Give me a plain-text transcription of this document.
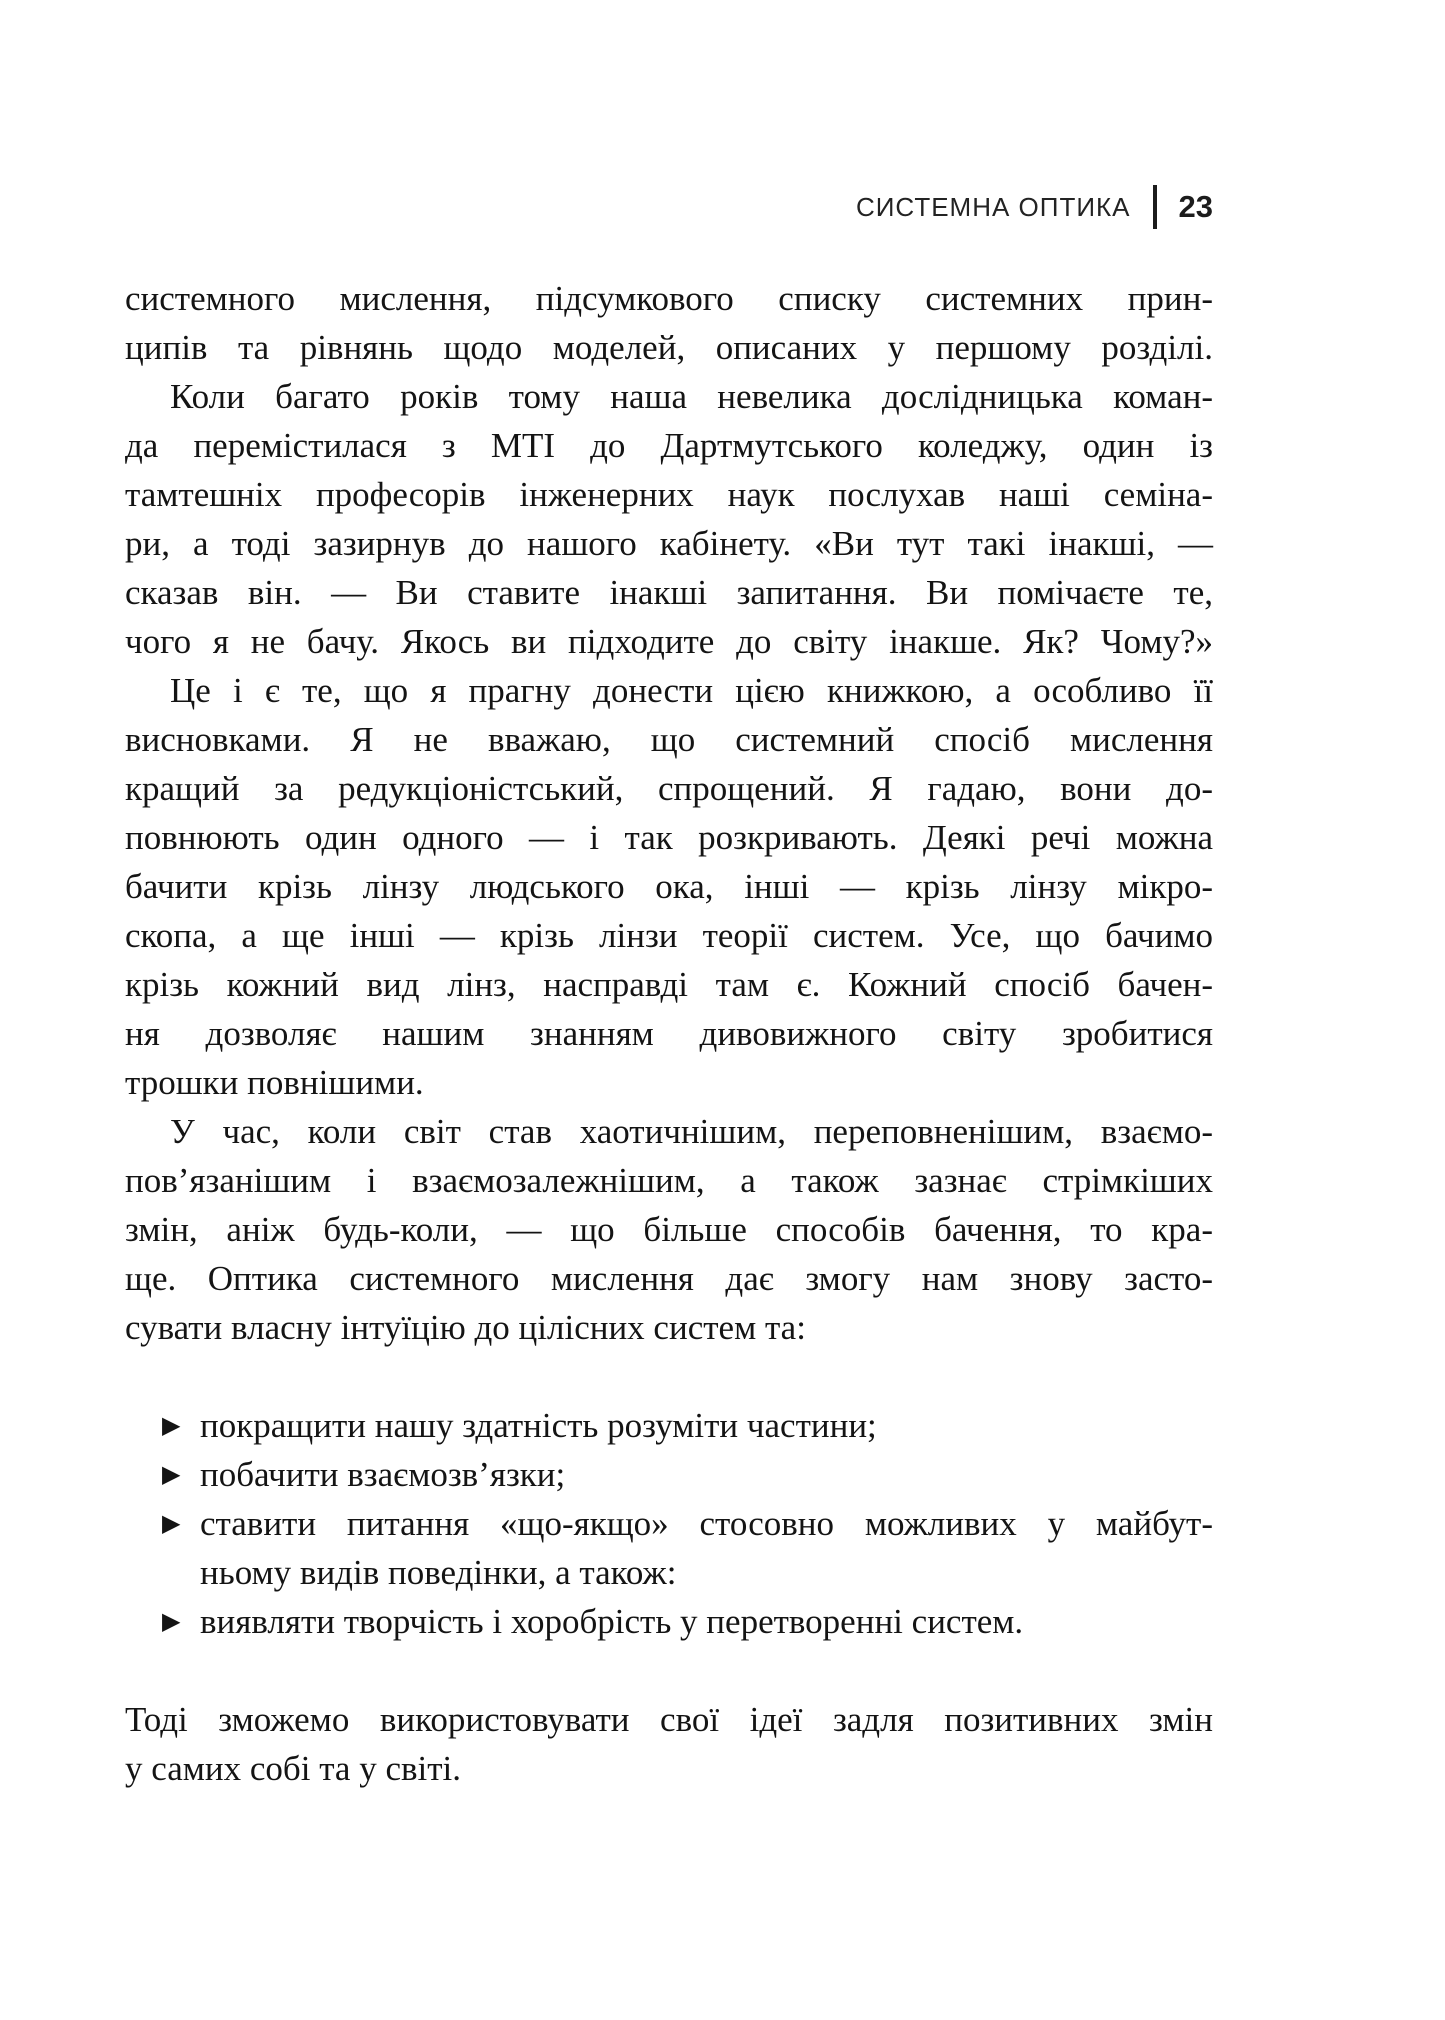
СИСТЕМНА ОПТИКА 23
системного мислення, підсумкового списку системних прин-
ципів та рівнянь щодо моделей, описаних у першому розділі.
Коли багато років тому наша невелика дослідницька коман-
да перемістилася з МТІ до Дартмутського коледжу, один із
тамтешніх професорів інженерних наук послухав наші семіна-
ри, а тоді зазирнув до нашого кабінету. «Ви тут такі інакші, —
сказав він. — Ви ставите інакші запитання. Ви помічаєте те,
чого я не бачу. Якось ви підходите до світу інакше. Як? Чому?»
Це і є те, що я прагну донести цією книжкою, а особливо її
висновками. Я не вважаю, що системний спосіб мислення
кращий за редукціоністський, спрощений. Я гадаю, вони до-
повнюють один одного — і так розкривають. Деякі речі можна
бачити крізь лінзу людського ока, інші — крізь лінзу мікро-
скопа, а ще інші — крізь лінзи теорії систем. Усе, що бачимо
крізь кожний вид лінз, насправді там є. Кожний спосіб бачен-
ня дозволяє нашим знанням дивовижного світу зробитися
трошки повнішими.
У час, коли світ став хаотичнішим, переповненішим, взаємо-
пов’язанішим і взаємозалежнішим, а також зазнає стрімкіших
змін, аніж будь-коли, — що більше способів бачення, то кра-
ще. Оптика системного мислення дає змогу нам знову засто-
сувати власну інтуїцію до цілісних систем та:
▶ покращити нашу здатність розуміти частини;
▶ побачити взаємозв’язки;
▶ ставити питання «що-якщо» стосовно можливих у майбут-
ньому видів поведінки, а також:
▶ виявляти творчість і хоробрість у перетворенні систем.
Тоді зможемо використовувати свої ідеї задля позитивних змін
у самих собі та у світі.
